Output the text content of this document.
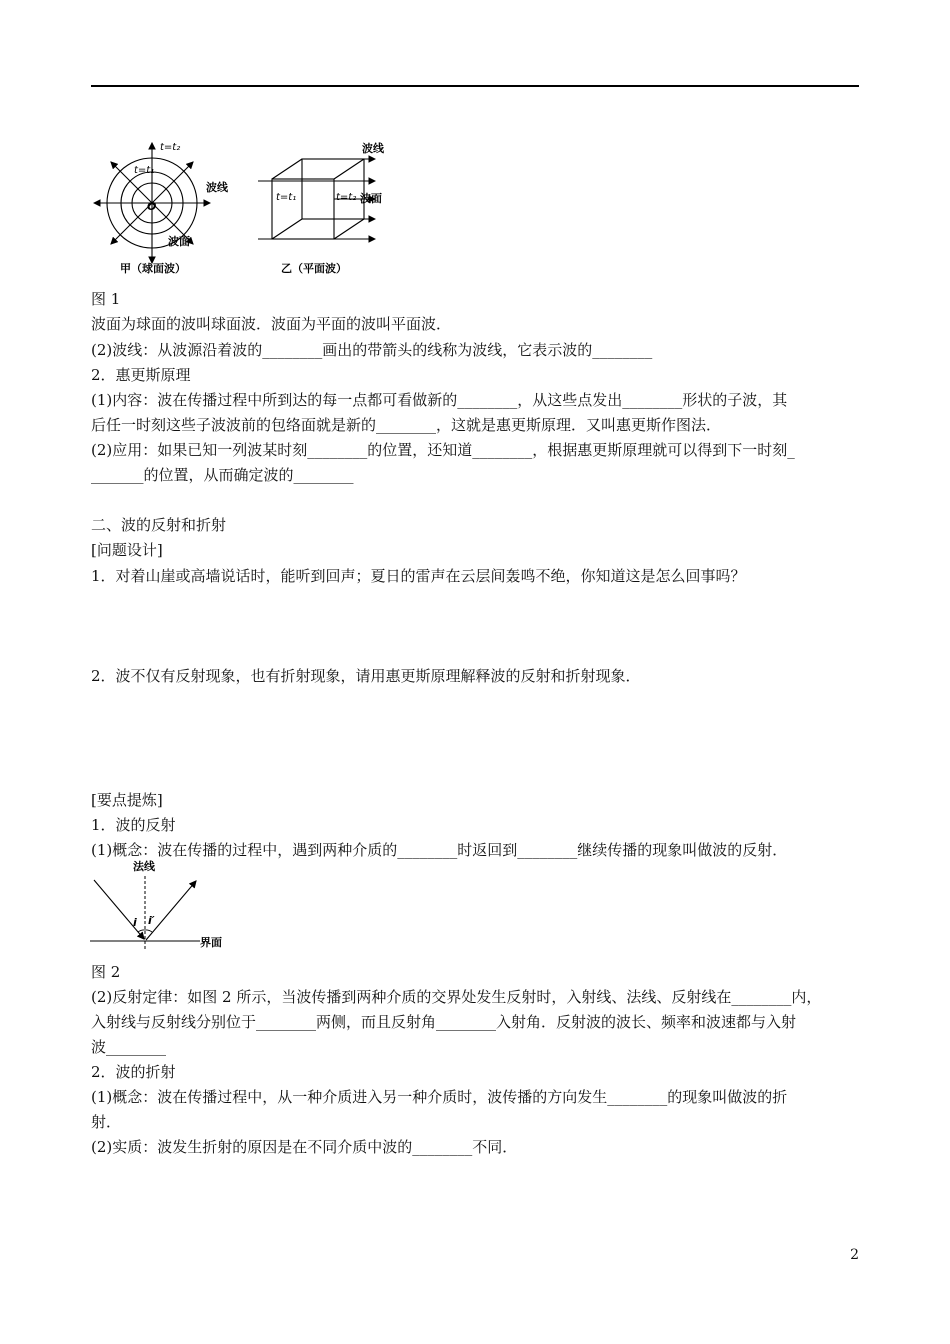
t=t₂
t=t₁
O
波线
波面
甲（球面波）
波线
波面
t=t₁	t=t₂
乙（平面波）
图 1
波面为球面的波叫球面波．波面为平面的波叫平面波．
(2)波线：从波源沿着波的________画出的带箭头的线称为波线，它表示波的________
2．惠更斯原理
(1)内容：波在传播过程中所到达的每一点都可看做新的________，从这些点发出________形状的子波，其
后任一时刻这些子波波前的包络面就是新的________，这就是惠更斯原理．又叫惠更斯作图法．
(2)应用：如果已知一列波某时刻________的位置，还知道________，根据惠更斯原理就可以得到下一时刻_
_______的位置，从而确定波的________
二、波的反射和折射
[问题设计]
1．对着山崖或高墙说话时，能听到回声；夏日的雷声在云层间轰鸣不绝，你知道这是怎么回事吗？
2．波不仅有反射现象，也有折射现象，请用惠更斯原理解释波的反射和折射现象．
[要点提炼]
1．波的反射
(1)概念：波在传播的过程中，遇到两种介质的________时返回到________继续传播的现象叫做波的反射．
法线
i i′
界面
图 2
(2)反射定律：如图 2 所示，当波传播到两种介质的交界处发生反射时，入射线、法线、反射线在________内，
入射线与反射线分别位于________两侧，而且反射角________入射角．反射波的波长、频率和波速都与入射
波________
2．波的折射
(1)概念：波在传播过程中，从一种介质进入另一种介质时，波传播的方向发生________的现象叫做波的折
射．
(2)实质：波发生折射的原因是在不同介质中波的________不同．
2
